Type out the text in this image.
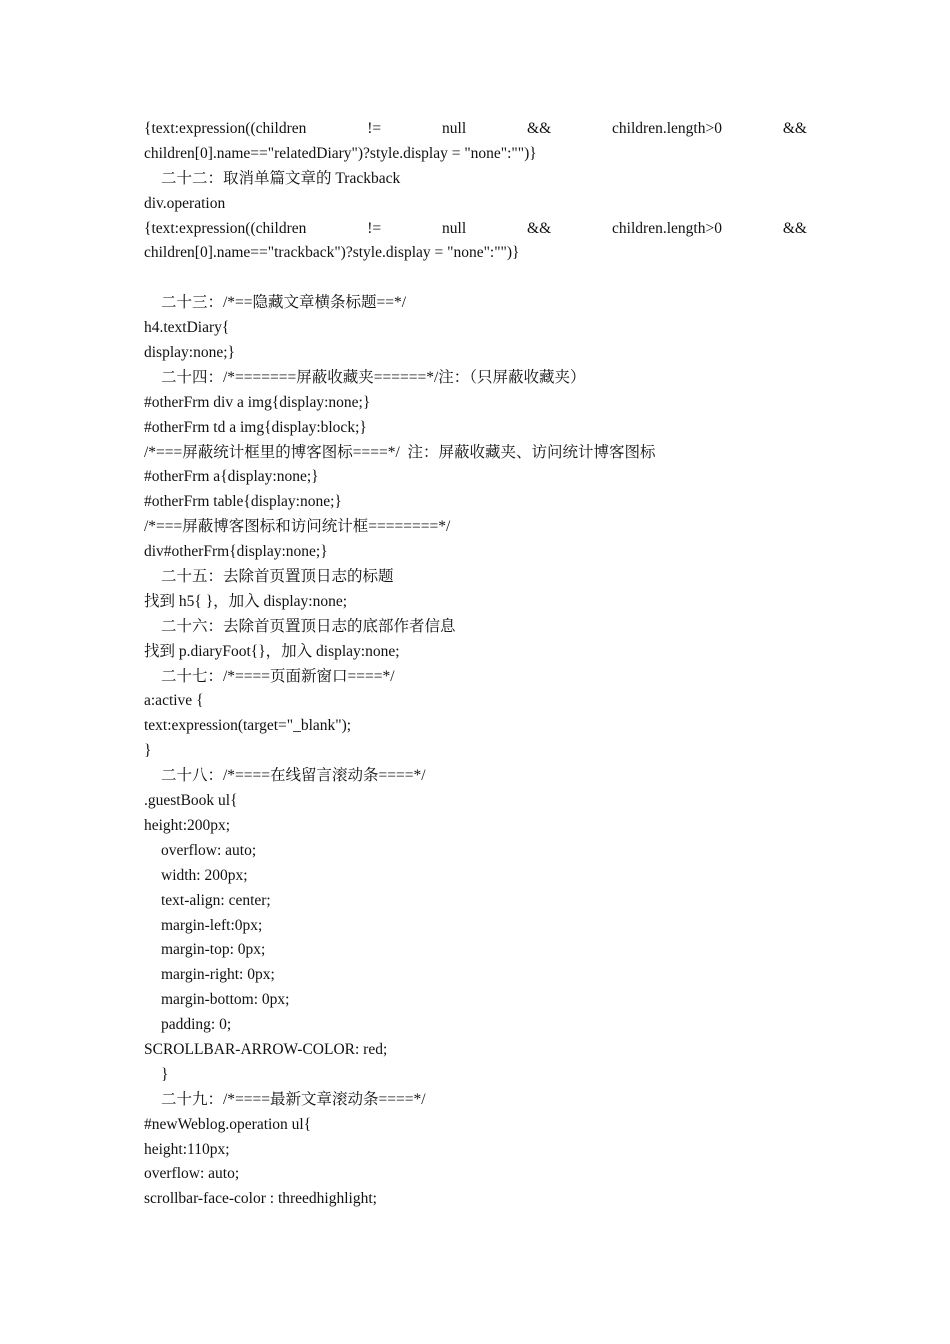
{text:expression((children	!=	null	&&	children.length>0	&&
children[0].name=="relatedDiary")?style.display = "none":"")}
二十二：取消单篇文章的 Trackback
div.operation
{text:expression((children	!=	null	&&	children.length>0	&&
children[0].name=="trackback")?style.display = "none":"")}
二十三：/*==隐藏文章横条标题==*/
h4.textDiary{
display:none;}
二十四：/*=======屏蔽收藏夹======*/注：（只屏蔽收藏夹）
#otherFrm div a img{display:none;}
#otherFrm td a img{display:block;}
/*===屏蔽统计框里的博客图标====*/  注：屏蔽收藏夹、访问统计博客图标
#otherFrm a{display:none;}
#otherFrm table{display:none;}
/*===屏蔽博客图标和访问统计框========*/
div#otherFrm{display:none;}
二十五：去除首页置顶日志的标题
找到 h5{ }，加入 display:none;
二十六：去除首页置顶日志的底部作者信息
找到 p.diaryFoot{}，加入 display:none;
二十七：/*====页面新窗口====*/
a:active {
text:expression(target="_blank");
}
二十八：/*====在线留言滚动条====*/
.guestBook ul{
height:200px;
overflow: auto;
width: 200px;
text-align: center;
margin-left:0px;
margin-top: 0px;
margin-right: 0px;
margin-bottom: 0px;
padding: 0;
SCROLLBAR-ARROW-COLOR: red;
}
二十九：/*====最新文章滚动条====*/
#newWeblog.operation ul{
height:110px;
overflow: auto;
scrollbar-face-color : threedhighlight;
